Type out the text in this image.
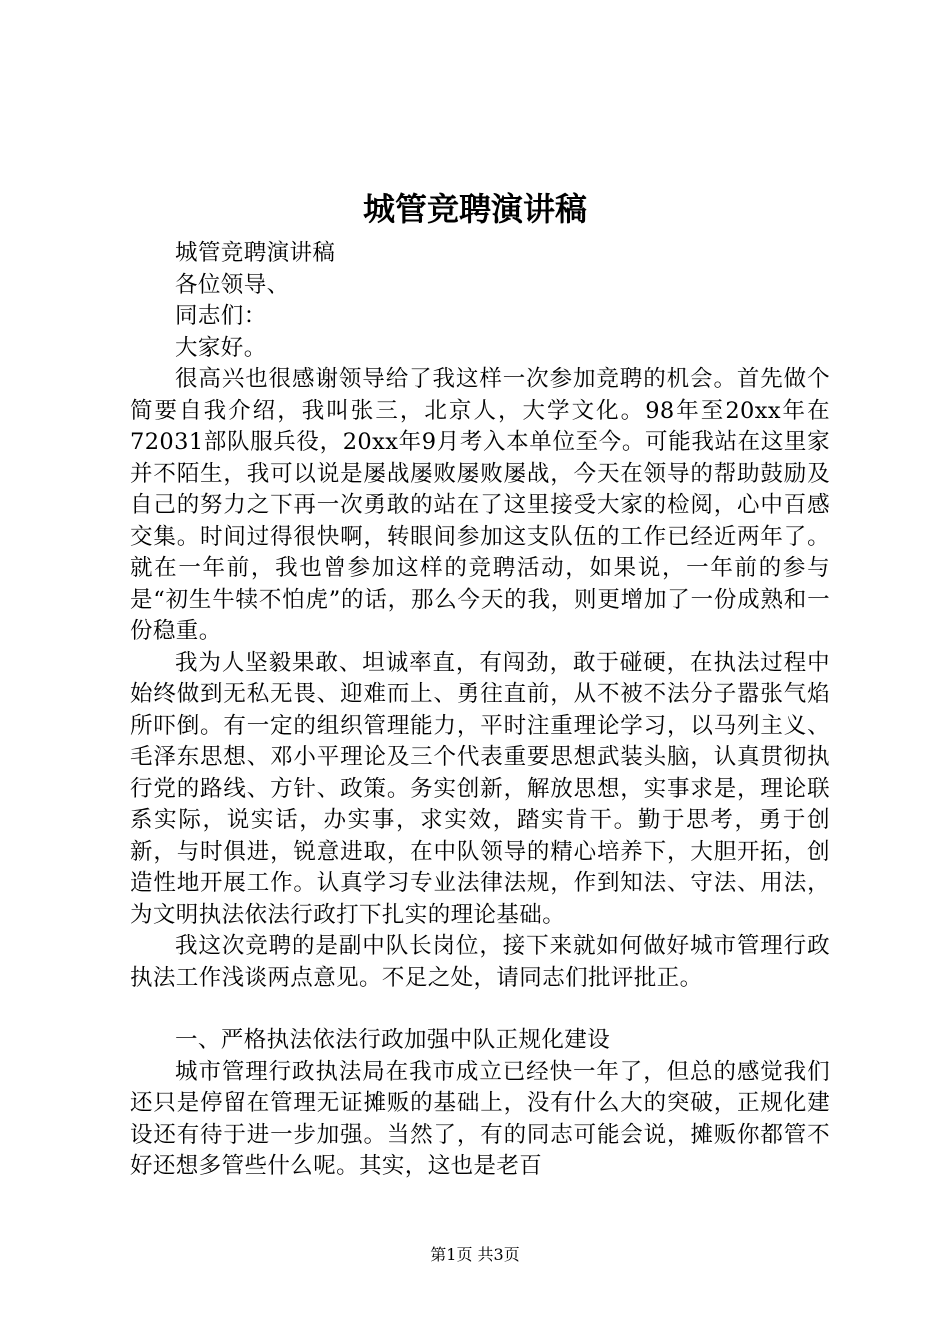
城管竞聘演讲稿

城管竞聘演讲稿

各位领导、

同志们：

大家好。

很高兴也很感谢领导给了我这样一次参加竞聘的机会。首先做个简要自我介绍，我叫张三，北京人，大学文化。98年至20xx年在72031部队服兵役，20xx年9月考入本单位至今。可能我站在这里家并不陌生，我可以说是屡战屡败屡败屡战，今天在领导的帮助鼓励及自己的努力之下再一次勇敢的站在了这里接受大家的检阅，心中百感交集。时间过得很快啊，转眼间参加这支队伍的工作已经近两年了。就在一年前，我也曾参加这样的竞聘活动，如果说，一年前的参与是“初生牛犊不怕虎”的话，那么今天的我，则更增加了一份成熟和一份稳重。

我为人坚毅果敢、坦诚率直，有闯劲，敢于碰硬，在执法过程中始终做到无私无畏、迎难而上、勇往直前，从不被不法分子嚣张气焰所吓倒。有一定的组织管理能力，平时注重理论学习，以马列主义、毛泽东思想、邓小平理论及三个代表重要思想武装头脑，认真贯彻执行党的路线、方针、政策。务实创新，解放思想，实事求是，理论联系实际，说实话，办实事，求实效，踏实肯干。勤于思考，勇于创新，与时俱进，锐意进取，在中队领导的精心培养下，大胆开拓，创造性地开展工作。认真学习专业法律法规，作到知法、守法、用法，为文明执法依法行政打下扎实的理论基础。

我这次竞聘的是副中队长岗位，接下来就如何做好城市管理行政执法工作浅谈两点意见。不足之处，请同志们批评批正。

一、严格执法依法行政加强中队正规化建设

城市管理行政执法局在我市成立已经快一年了，但总的感觉我们还只是停留在管理无证摊贩的基础上，没有什么大的突破，正规化建设还有待于进一步加强。当然了，有的同志可能会说，摊贩你都管不好还想多管些什么呢。其实，这也是老百

第1页 共3页
